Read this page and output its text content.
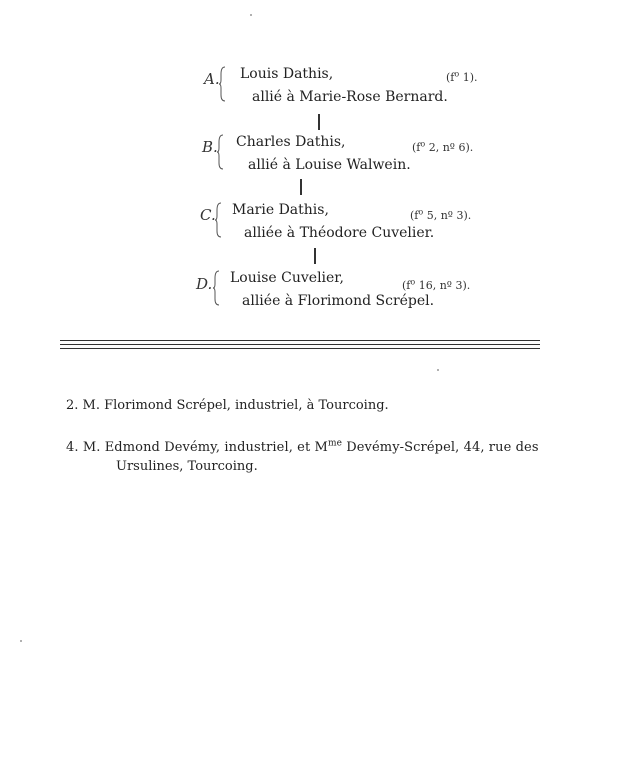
A. Louis Dathis,
allié à Marie-Rose Bernard.
($f^o$ 1).
B. Charles Dathis,
allié à Louise Walwein.
($f^o$ 2, nº 6).
C. Marie Dathis,
alliée à Théodore Cuvelier.
($f^o$ 5, nº 3).
D. Louise Cuvelier,
alliée à Florimond Scrépel.
($f^o$ 16, nº 3).
2. M. Florimond Scrépel, industriel, à Tourcoing.
4. M. Edmond Devémy, industriel, et $M^{me}$ Devémy-Scrépel, 44, rue des
Ursulines, Tourcoing.
